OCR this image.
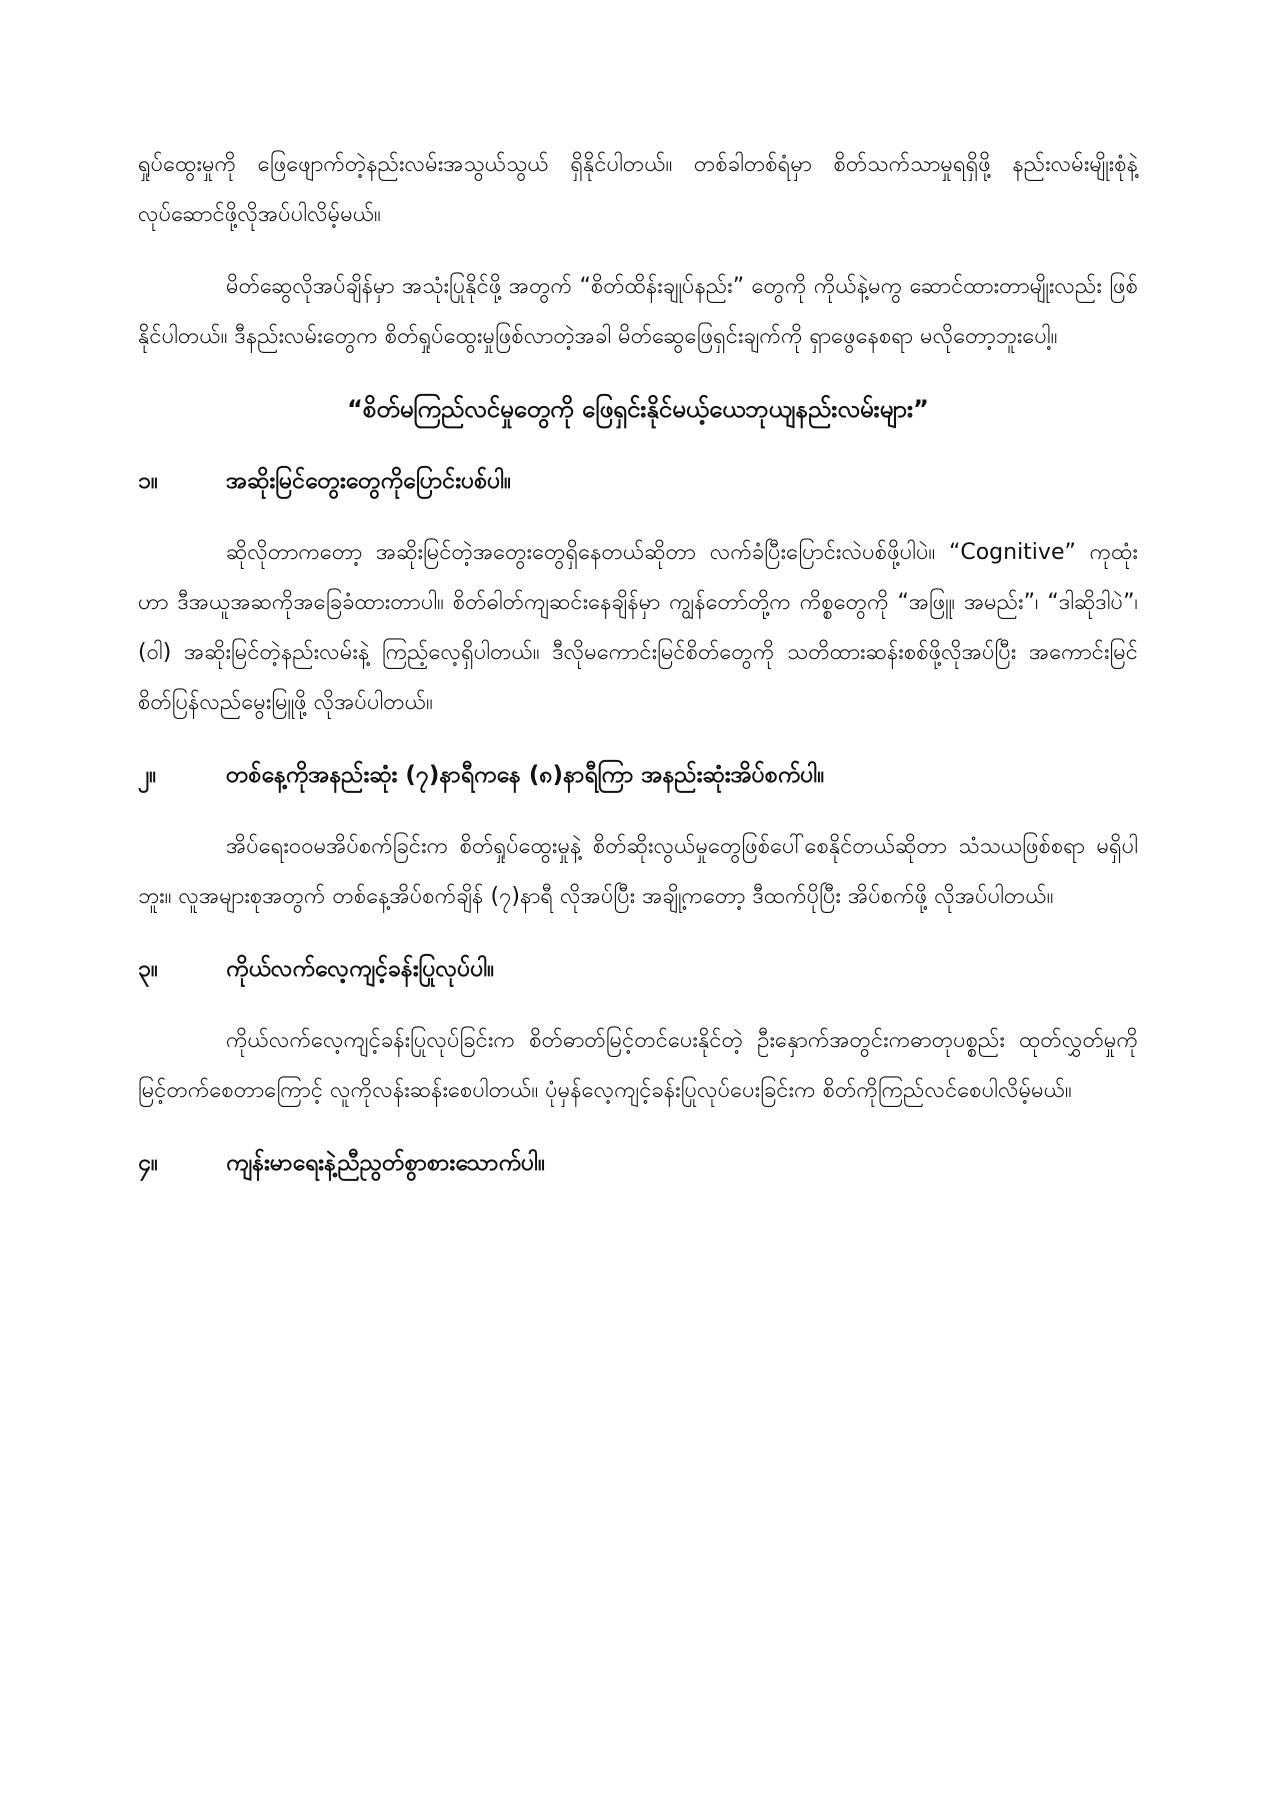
ရှုပ်ထွေးမှုကို ဖြေဖျောက်တဲ့နည်းလမ်းအသွယ်သွယ် ရှိနိုင်ပါတယ်။ တစ်ခါတစ်ရံမှာ စိတ်သက်သာမှုရရှိဖို့ နည်းလမ်းမျိုးစုံနဲ့လုပ်ဆောင်ဖို့လိုအပ်ပါလိမ့်မယ်။

မိတ်ဆွေလိုအပ်ချိန်မှာ အသုံးပြုနိုင်ဖို့ အတွက် “စိတ်ထိန်းချုပ်နည်း” တွေကို ကိုယ်နဲ့မကွ ဆောင်ထားတာမျိုးလည်း ဖြစ်နိုင်ပါတယ်။ ဒီနည်းလမ်းတွေက စိတ်ရှုပ်ထွေးမှုဖြစ်လာတဲ့အခါ မိတ်ဆွေဖြေရှင်းချက်ကို ရှာဖွေနေစရာ မလိုတော့ဘူးပေါ့။

“စိတ်မကြည်လင်မှုတွေကို ဖြေရှင်းနိုင်မယ့်ယေဘုယျနည်းလမ်းများ”
၁။	အဆိုးမြင်တွေးတွေကိုပြောင်းပစ်ပါ။

ဆိုလိုတာကတော့ အဆိုးမြင်တဲ့အတွေးတွေရှိနေတယ်ဆိုတာ လက်ခံပြီးပြောင်းလဲပစ်ဖို့ပါပဲ။ “Cognitive” ကုထုံးဟာ ဒီအယူအဆကိုအခြေခံထားတာပါ။ စိတ်ဓါတ်ကျဆင်းနေချိန်မှာ ကျွန်တော်တို့က ကိစ္စတွေကို “အဖြူ၊ အမည်း”၊ “ဒါဆိုဒါပဲ”၊ (ဝါ) အဆိုးမြင်တဲ့နည်းလမ်းနဲ့ ကြည့်လေ့ရှိပါတယ်။ ဒီလိုမကောင်းမြင်စိတ်တွေကို သတိထားဆန်းစစ်ဖို့လိုအပ်ပြီး အကောင်းမြင်စိတ်ပြန်လည်မွေးမြူဖို့ လိုအပ်ပါတယ်။

၂။	တစ်နေ့ကိုအနည်းဆုံး (၇)နာရီကနေ (၈)နာရီကြာ အနည်းဆုံးအိပ်စက်ပါ။

အိပ်ရေးဝဝမအိပ်စက်ခြင်းက စိတ်ရှုပ်ထွေးမှုနဲ့ စိတ်ဆိုးလွယ်မှုတွေဖြစ်ပေါ်စေနိုင်တယ်ဆိုတာ သံသယဖြစ်စရာ မရှိပါဘူး။ လူအများစုအတွက် တစ်နေ့အိပ်စက်ချိန် (၇)နာရီ လိုအပ်ပြီး အချို့ကတော့ ဒီထက်ပိုပြီး အိပ်စက်ဖို့ လိုအပ်ပါတယ်။

၃။	ကိုယ်လက်လေ့ကျင့်ခန်းပြုလုပ်ပါ။

ကိုယ်လက်လေ့ကျင့်ခန်းပြုလုပ်ခြင်းက စိတ်ဓာတ်မြင့်တင်ပေးနိုင်တဲ့ ဦးနှောက်အတွင်းကဓာတုပစ္စည်း ထုတ်လွှတ်မှုကို မြင့်တက်စေတာကြောင့် လူကိုလန်းဆန်းစေပါတယ်။ ပုံမှန်လေ့ကျင့်ခန်းပြုလုပ်ပေးခြင်းက စိတ်ကိုကြည်လင်စေပါလိမ့်မယ်။

၄။	ကျန်းမာရေးနဲ့ညီညွတ်စွာစားသောက်ပါ။
